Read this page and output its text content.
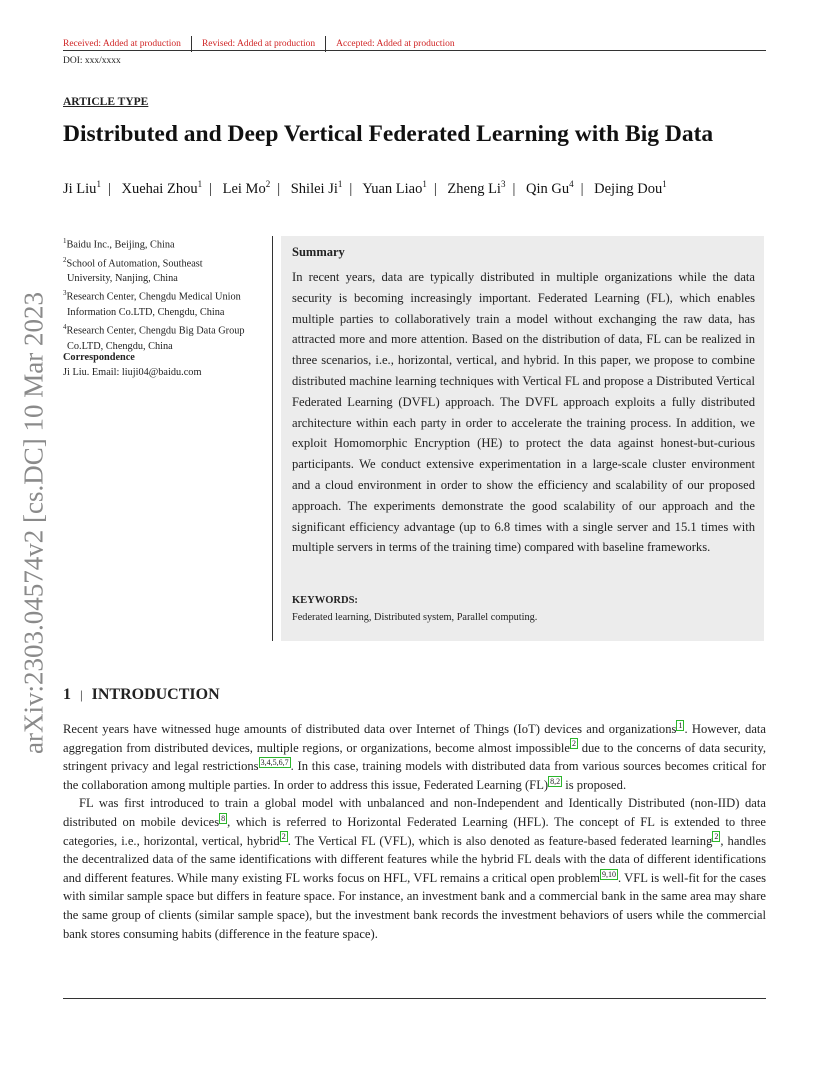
Received: Added at production Revised: Added at production Accepted: Added at production
DOI: xxx/xxxx
ARTICLE TYPE
Distributed and Deep Vertical Federated Learning with Big Data
Ji Liu$^1$ | Xuehai Zhou$^1$ | Lei Mo$^2$ | Shilei Ji$^1$ | Yuan Liao$^1$ | Zheng Li$^3$ | Qin Gu$^4$ | Dejing Dou$^1$
$^1$Baidu Inc., Beijing, China
$^2$School of Automation, Southeast
University, Nanjing, China
$^3$Research Center, Chengdu Medical Union
Information Co.LTD, Chengdu, China
$^4$Research Center, Chengdu Big Data Group
Co.LTD, Chengdu, China
Correspondence
Ji Liu. Email: liuji04@baidu.com
Summary
In recent years, data are typically distributed in multiple organizations while the data security is becoming increasingly important. Federated Learning (FL), which enables multiple parties to collaboratively train a model without exchanging the raw data, has attracted more and more attention. Based on the distribution of data, FL can be realized in three scenarios, i.e., horizontal, vertical, and hybrid. In this paper, we propose to combine distributed machine learning techniques with Vertical FL and propose a Distributed Vertical Federated Learning (DVFL) approach. The DVFL approach exploits a fully distributed architecture within each party in order to accelerate the training process. In addition, we exploit Homomorphic Encryption (HE) to protect the data against honest-but-curious participants. We conduct extensive experimentation in a large-scale cluster environment and a cloud environment in order to show the efficiency and scalability of our proposed approach. The experiments demonstrate the good scalability of our approach and the significant efficiency advantage (up to 6.8 times with a single server and 15.1 times with multiple servers in terms of the training time) compared with baseline frameworks.
KEYWORDS:
Federated learning, Distributed system, Parallel computing.
arXiv:2303.04574v2 [cs.DC] 10 Mar 2023 1 | INTRODUCTION

Recent years have witnessed huge amounts of distributed data over Internet of Things (IoT) devices and organizations $^1$ . However, data aggregation from distributed devices, multiple regions, or organizations, become almost impossible $^2$ due to the concerns of data security, stringent privacy and legal restrictions $^{3,4,5,6,7}$ . In this case, training models with distributed data from various sources becomes critical for the collaboration among multiple parties. In order to address this issue, Federated Learning (FL) $^{8,2}$ is proposed.

FL was first introduced to train a global model with unbalanced and non-Independent and Identically Distributed (non-IID) data distributed on mobile devices $^8$ , which is referred to Horizontal Federated Learning (HFL). The concept of FL is extended to three categories, i.e., horizontal, vertical, hybrid $^2$ . The Vertical FL (VFL), which is also denoted as feature-based federated learning $^2$ , handles the decentralized data of the same identifications with different features while the hybrid FL deals with the data of different identifications and different features. While many existing FL works focus on HFL, VFL remains a critical open problem $^{9,10}$ . VFL is well-fit for the cases with similar sample space but differs in feature space. For instance, an investment bank and a commercial bank in the same area may share the same group of clients (similar sample space), but the investment bank records the investment behaviors of users while the commercial bank stores consuming habits (difference in the feature space).
